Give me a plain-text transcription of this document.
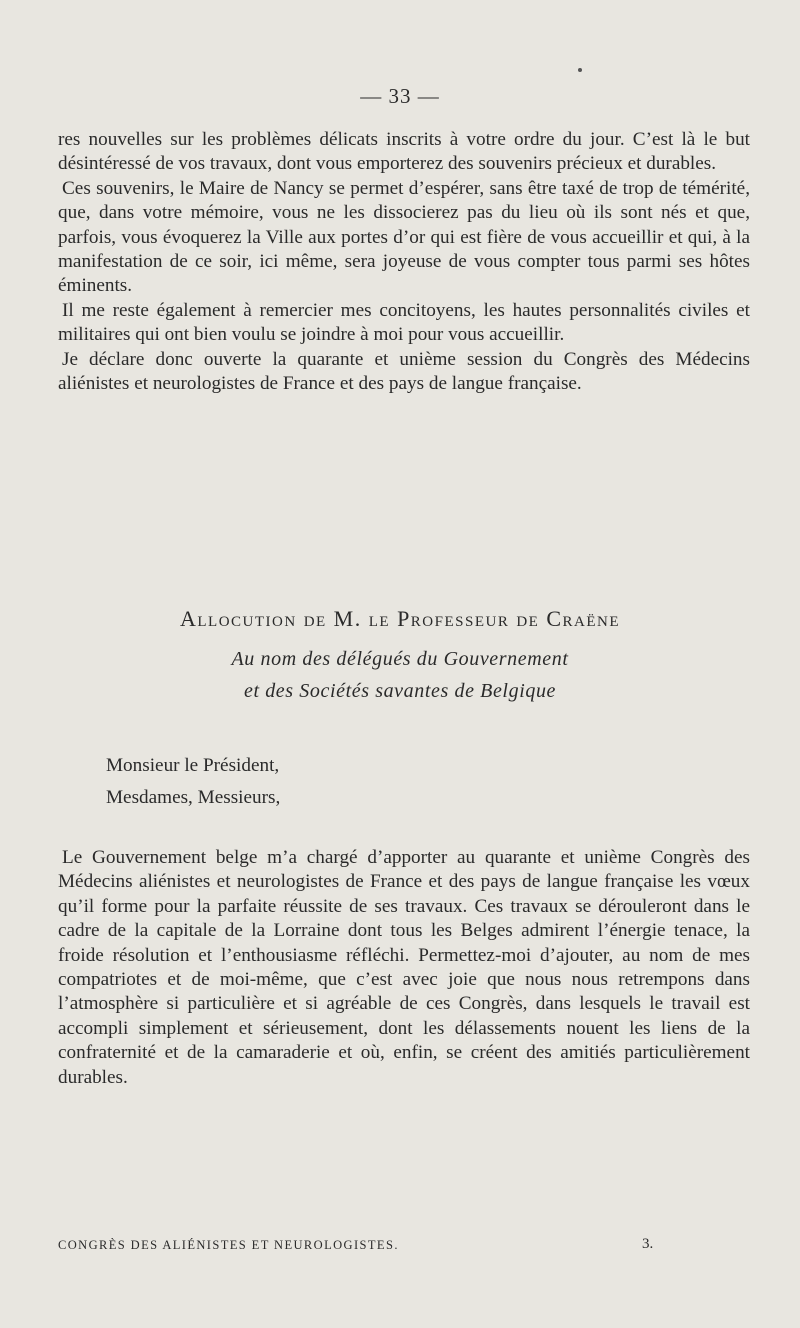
— 33 —

res nouvelles sur les problèmes délicats inscrits à votre ordre du jour. C’est là le but désintéressé de vos travaux, dont vous emporterez des souvenirs précieux et durables.

Ces souvenirs, le Maire de Nancy se permet d’espérer, sans être taxé de trop de témérité, que, dans votre mémoire, vous ne les dissocierez pas du lieu où ils sont nés et que, parfois, vous évoquerez la Ville aux portes d’or qui est fière de vous accueillir et qui, à la manifestation de ce soir, ici même, sera joyeuse de vous compter tous parmi ses hôtes éminents.

Il me reste également à remercier mes concitoyens, les hautes personnalités civiles et militaires qui ont bien voulu se joindre à moi pour vous accueillir.

Je déclare donc ouverte la quarante et unième session du Congrès des Médecins aliénistes et neurologistes de France et des pays de langue française.

Allocution de M. le Professeur de Craëne
Au nom des délégués du Gouvernement
et des Sociétés savantes de Belgique
Monsieur le Président,
Mesdames, Messieurs,

Le Gouvernement belge m’a chargé d’apporter au quarante et unième Congrès des Médecins aliénistes et neurologistes de France et des pays de langue française les vœux qu’il forme pour la parfaite réussite de ses travaux. Ces travaux se dérouleront dans le cadre de la capitale de la Lorraine dont tous les Belges admirent l’énergie tenace, la froide résolution et l’enthousiasme réfléchi. Permettez-moi d’ajouter, au nom de mes compatriotes et de moi-même, que c’est avec joie que nous nous retrempons dans l’atmosphère si particulière et si agréable de ces Congrès, dans lesquels le travail est accompli simplement et sérieusement, dont les délassements nouent les liens de la confraternité et de la camaraderie et où, enfin, se créent des amitiés particulièrement durables.

CONGRÈS DES ALIÉNISTES ET NEUROLOGISTES.	3.
